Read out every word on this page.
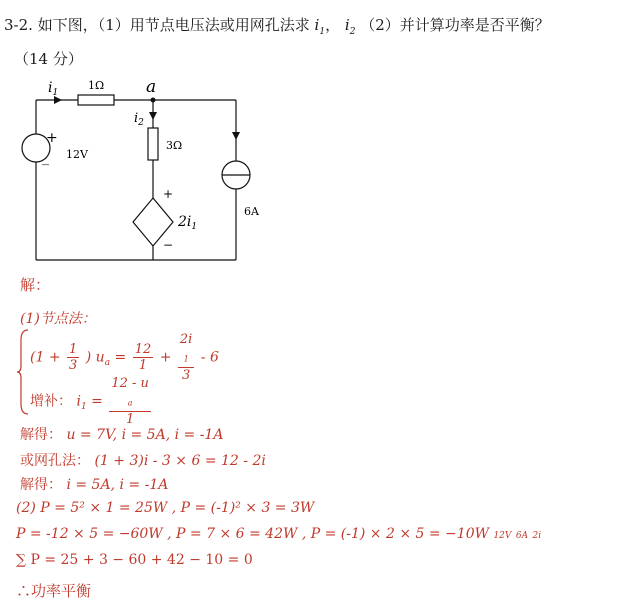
3-2. 如下图，（1）用节点电压法或用网孔法求 $i_1$， $i_2$ （2）并计算功率是否平衡？
（14 分）
$i_1$
1Ω a
$i_2$
3Ω
+
_ 12V
+
−
$2i_1$
6A
解：
(1)节点法：
($1 + \frac{1}{3}$ ) $u_a = \frac{12}{1} + 2i$
$_1$
3 - 6
增补： $i_1 = 12 - u$
$_a$
1
解得： u = 7V, i = 5A, i = -1A
或网孔法： (1 + 3)i - 3 × 6 = 12 - 2i
解得： i = 5A, i = -1A
(2) P = 5² × 1 = 25W , P = (-1)² × 3 = 3W
P = -12 × 5 = −60W , P = 7 × 6 = 42W , P = (-1) × 2 × 5 = −10W 12V 6A 2i
∑ P = 25 + 3 − 60 + 42 − 10 = 0
∴功率平衡
